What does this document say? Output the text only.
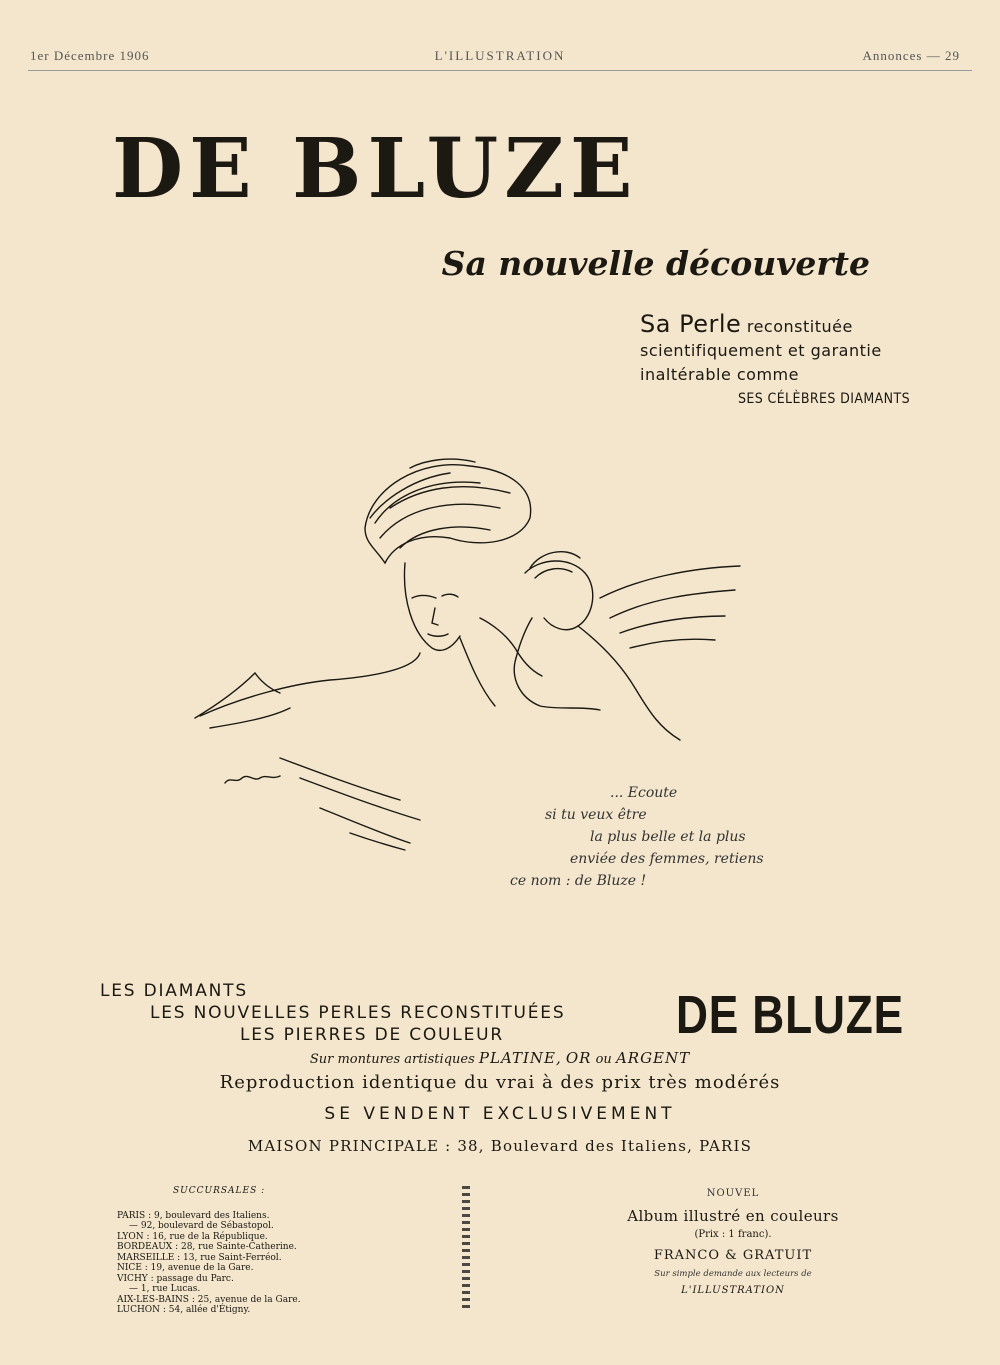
1er Décembre 1906	L'ILLUSTRATION	Annonces — 29
DE BLUZE
Sa nouvelle découverte
Sa Perle reconstituée
scientifiquement et garantie
inaltérable comme
SES CÉLÈBRES DIAMANTS
... Ecoute
si tu veux être
la plus belle et la plus
enviée des femmes, retiens
ce nom : de Bluze !
LES DIAMANTS
LES NOUVELLES PERLES RECONSTITUÉES
LES PIERRES DE COULEUR	DE BLUZE
Sur montures artistiques PLATINE, OR ou ARGENT
Reproduction identique du vrai à des prix très modérés
SE VENDENT EXCLUSIVEMENT
MAISON PRINCIPALE : 38, Boulevard des Italiens, PARIS
SUCCURSALES :
PARIS : 9, boulevard des Italiens.
— 92, boulevard de Sébastopol.
LYON : 16, rue de la République.
BORDEAUX : 28, rue Sainte-Catherine.
MARSEILLE : 13, rue Saint-Ferréol.
NICE : 19, avenue de la Gare.
VICHY : passage du Parc.
— 1, rue Lucas.
AIX-LES-BAINS : 25, avenue de la Gare.
LUCHON : 54, allée d'Étigny.
NOUVEL
Album illustré en couleurs
(Prix : 1 franc).
FRANCO & GRATUIT
Sur simple demande aux lecteurs de
L'ILLUSTRATION
